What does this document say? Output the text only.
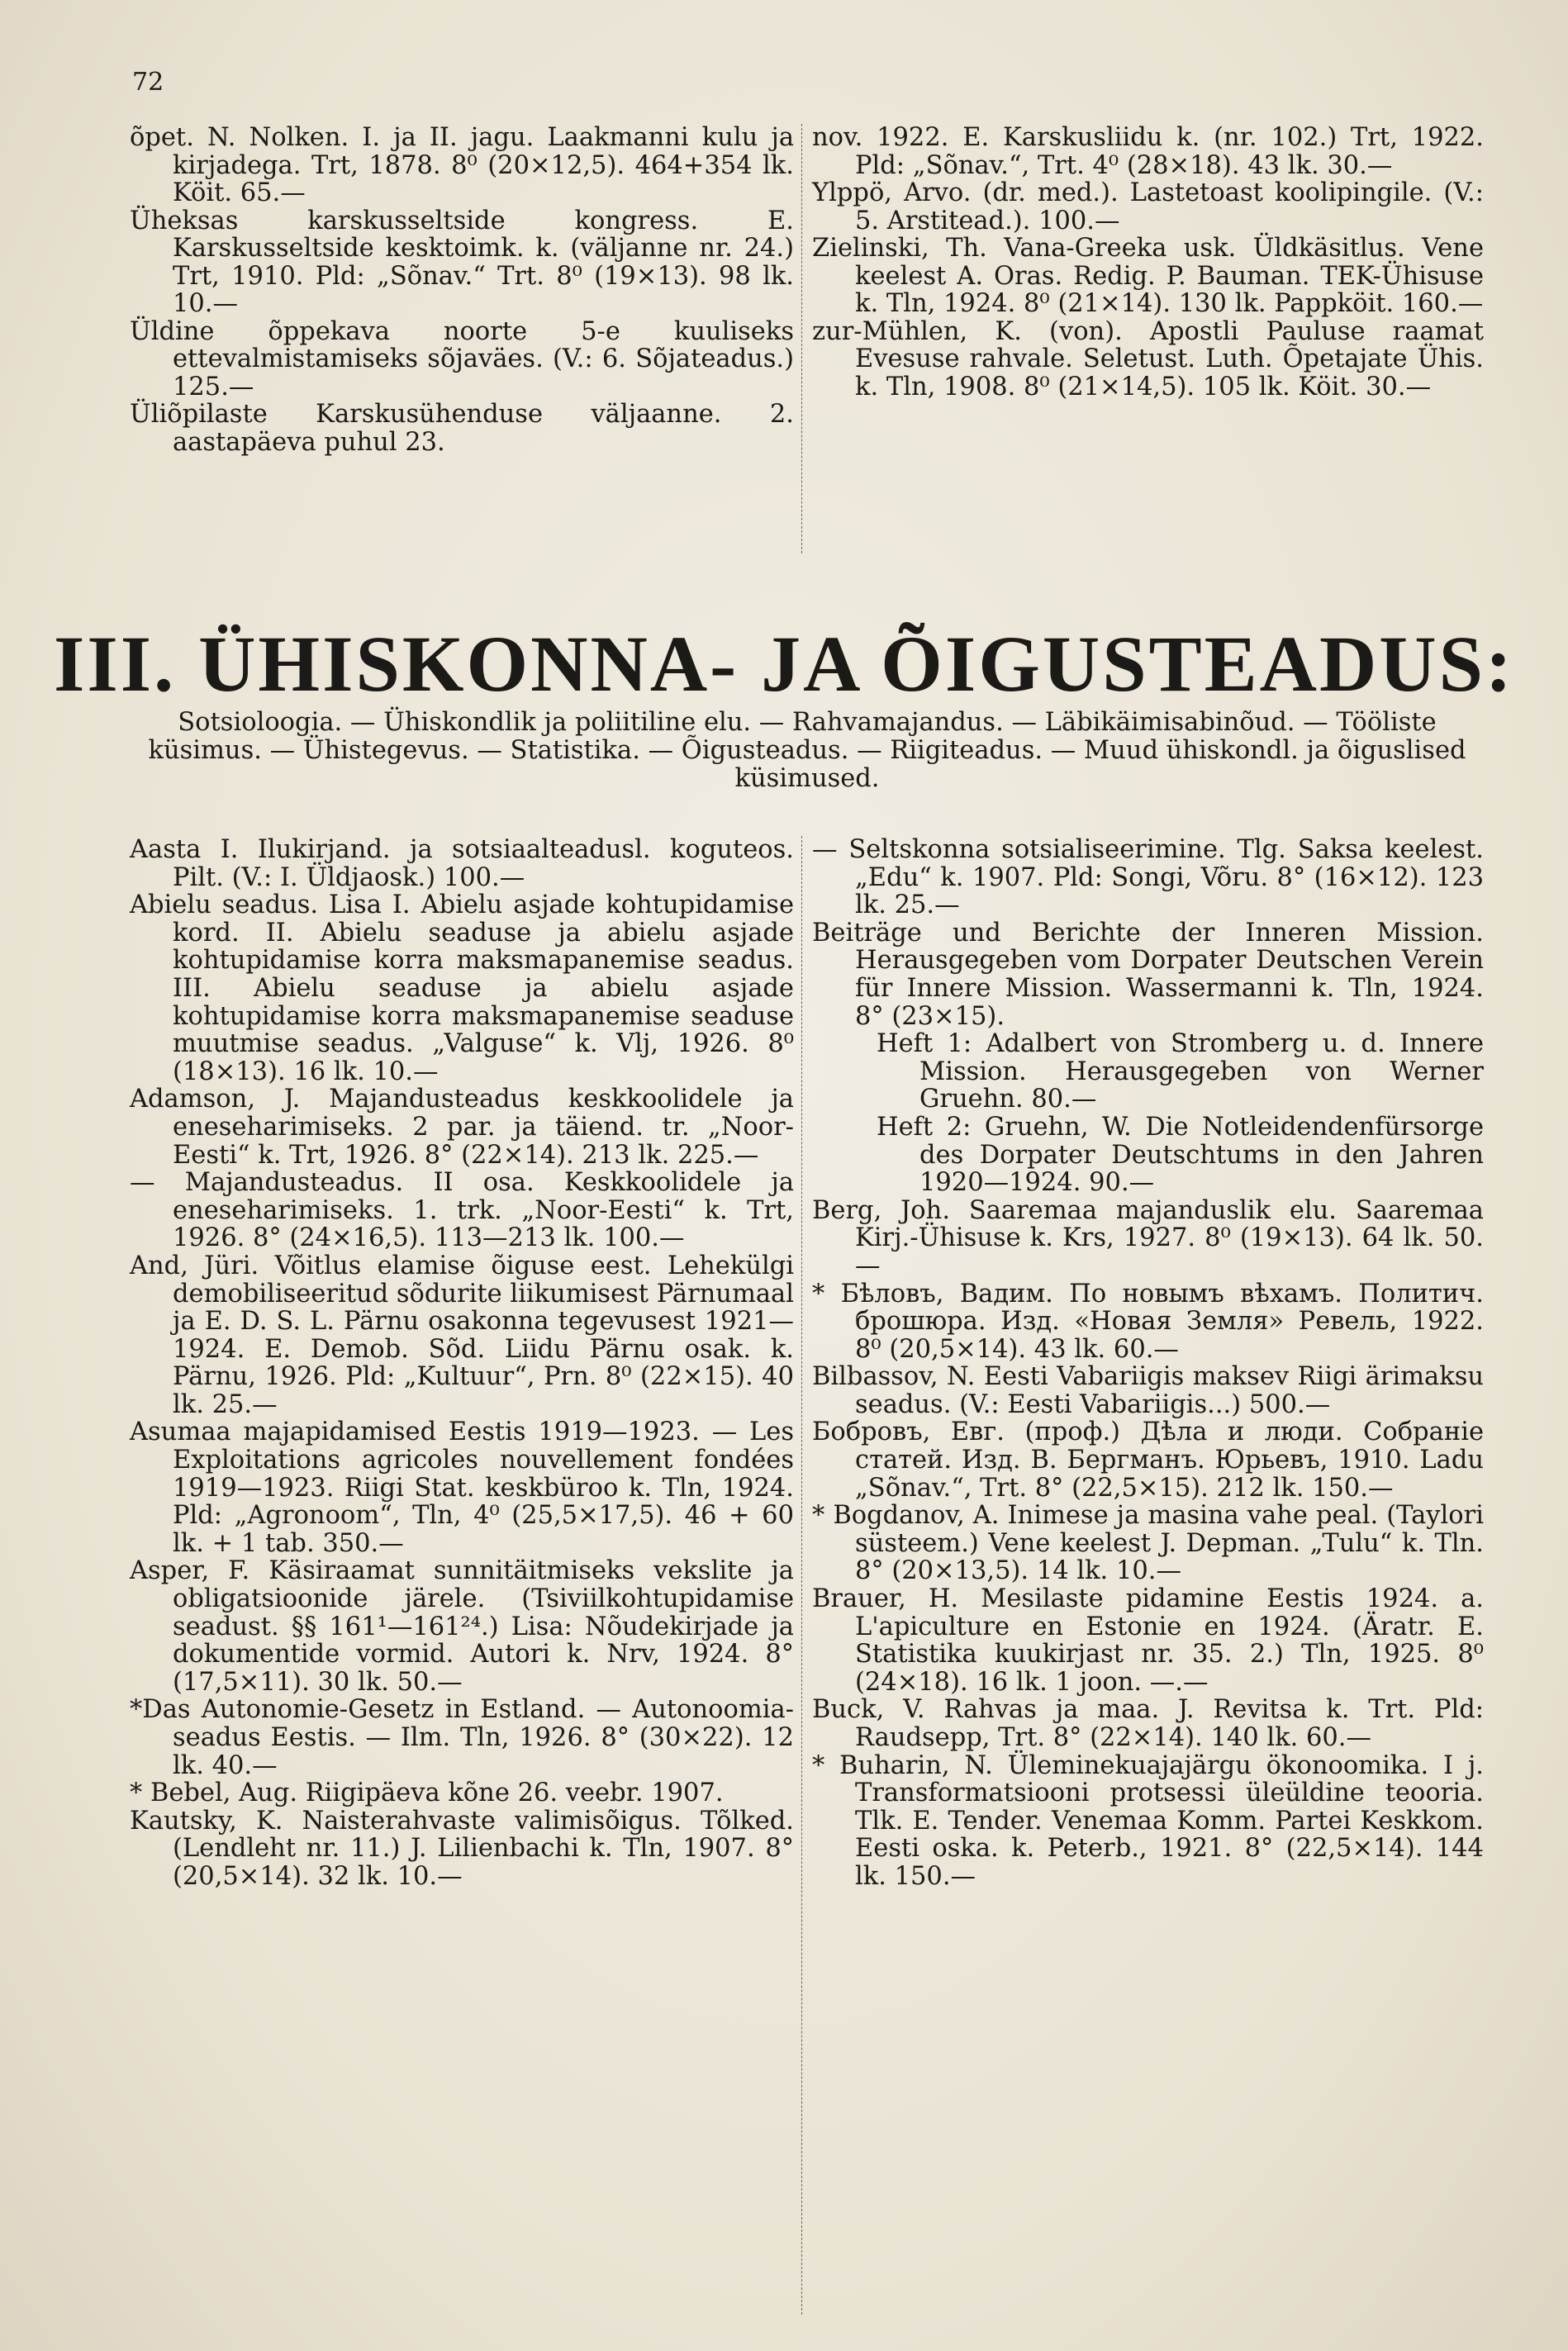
72

õpet. N. Nolken. I. ja II. jagu. Laakmanni kulu ja kirjadega. Trt, 1878. 8⁰ (20×12,5). 464+354 lk. Köit. 65.—

Üheksas karskusseltside kongress. E. Karskusseltside kesktoimk. k. (väljanne nr. 24.) Trt, 1910. Pld: „Sõnav.“ Trt. 8⁰ (19×13). 98 lk. 10.—

Üldine õppekava noorte 5-e kuuliseks ettevalmistamiseks sõjaväes. (V.: 6. Sõjateadus.) 125.—

Üliõpilaste Karskusühenduse väljaanne. 2. aastapäeva puhul 23.

nov. 1922. E. Karskusliidu k. (nr. 102.) Trt, 1922. Pld: „Sõnav.“, Trt. 4⁰ (28×18). 43 lk. 30.—

Ylppö, Arvo. (dr. med.). Lastetoast koolipingile. (V.: 5. Arstitead.). 100.—

Zielinski, Th. Vana-Greeka usk. Üldkäsitlus. Vene keelest A. Oras. Redig. P. Bauman. TEK-Ühisuse k. Tln, 1924. 8⁰ (21×14). 130 lk. Pappköit. 160.—

zur-Mühlen, K. (von). Apostli Pauluse raamat Evesuse rahvale. Seletust. Luth. Õpetajate Ühis. k. Tln, 1908. 8⁰ (21×14,5). 105 lk. Köit. 30.—

III. ÜHISKONNA- JA ÕIGUSTEADUS:
Sotsioloogia. — Ühiskondlik ja poliitiline elu. — Rahvamajandus. — Läbikäimisabinõud. — Tööliste küsimus. — Ühistegevus. — Statistika. — Õigusteadus. — Riigiteadus. — Muud ühiskondl. ja õiguslised küsimused.

Aasta I. Ilukirjand. ja sotsiaalteadusl. koguteos. Pilt. (V.: I. Üldjaosk.) 100.—

Abielu seadus. Lisa I. Abielu asjade kohtupidamise kord. II. Abielu seaduse ja abielu asjade kohtupidamise korra maksmapanemise seadus. III. Abielu seaduse ja abielu asjade kohtupidamise korra maksmapanemise seaduse muutmise seadus. „Valguse“ k. Vlj, 1926. 8⁰ (18×13). 16 lk. 10.—

Adamson, J. Majandusteadus keskkoolidele ja eneseharimiseks. 2 par. ja täiend. tr. „Noor-Eesti“ k. Trt, 1926. 8° (22×14). 213 lk. 225.—

— Majandusteadus. II osa. Keskkoolidele ja eneseharimiseks. 1. trk. „Noor-Eesti“ k. Trt, 1926. 8° (24×16,5). 113—213 lk. 100.—

And, Jüri. Võitlus elamise õiguse eest. Lehekülgi demobiliseeritud sõdurite liikumisest Pärnumaal ja E. D. S. L. Pärnu osakonna tegevusest 1921—1924. E. Demob. Sõd. Liidu Pärnu osak. k. Pärnu, 1926. Pld: „Kultuur“, Prn. 8⁰ (22×15). 40 lk. 25.—

Asumaa majapidamised Eestis 1919—1923. — Les Exploitations agricoles nouvellement fondées 1919—1923. Riigi Stat. keskbüroo k. Tln, 1924. Pld: „Agronoom“, Tln, 4⁰ (25,5×17,5). 46 + 60 lk. + 1 tab. 350.—

Asper, F. Käsiraamat sunnitäitmiseks vekslite ja obligatsioonide järele. (Tsiviilkohtupidamise seadust. §§ 161¹—161²⁴.) Lisa: Nõudekirjade ja dokumentide vormid. Autori k. Nrv, 1924. 8° (17,5×11). 30 lk. 50.—

*Das Autonomie-Gesetz in Estland. — Autonoomia-seadus Eestis. — Ilm. Tln, 1926. 8° (30×22). 12 lk. 40.—

* Bebel, Aug. Riigipäeva kõne 26. veebr. 1907.

Kautsky, K. Naisterahvaste valimisõigus. Tõlked. (Lendleht nr. 11.) J. Lilienbachi k. Tln, 1907. 8° (20,5×14). 32 lk. 10.—

— Seltskonna sotsialiseerimine. Tlg. Saksa keelest. „Edu“ k. 1907. Pld: Songi, Võru. 8° (16×12). 123 lk. 25.—

Beiträge und Berichte der Inneren Mission. Herausgegeben vom Dorpater Deutschen Verein für Innere Mission. Wassermanni k. Tln, 1924. 8° (23×15).

Heft 1: Adalbert von Stromberg u. d. Innere Mission. Herausgegeben von Werner Gruehn. 80.—

Heft 2: Gruehn, W. Die Notleidendenfürsorge des Dorpater Deutschtums in den Jahren 1920—1924. 90.—

Berg, Joh. Saaremaa majanduslik elu. Saaremaa Kirj.-Ühisuse k. Krs, 1927. 8⁰ (19×13). 64 lk. 50.—

* Бѣловъ, Вадим. По новымъ вѣхамъ. Политич. брошюра. Изд. «Новая Земля» Ревель, 1922. 8⁰ (20,5×14). 43 lk. 60.—

Bilbassov, N. Eesti Vabariigis maksev Riigi ärimaksu seadus. (V.: Eesti Vabariigis...) 500.—

Бобровъ, Евг. (проф.) Дѣла и люди. Собранiе статей. Изд. В. Бергманъ. Юрьевъ, 1910. Ladu „Sõnav.“, Trt. 8° (22,5×15). 212 lk. 150.—

* Bogdanov, A. Inimese ja masina vahe peal. (Taylori süsteem.) Vene keelest J. Depman. „Tulu“ k. Tln. 8° (20×13,5). 14 lk. 10.—

Brauer, H. Mesilaste pidamine Eestis 1924. a. L'apiculture en Estonie en 1924. (Äratr. E. Statistika kuukirjast nr. 35. 2.) Tln, 1925. 8⁰ (24×18). 16 lk. 1 joon. —.—

Buck, V. Rahvas ja maa. J. Revitsa k. Trt. Pld: Raudsepp, Trt. 8° (22×14). 140 lk. 60.—

* Buharin, N. Üleminekuajajärgu ökonoomika. I j. Transformatsiooni protsessi üleüldine teooria. Tlk. E. Tender. Venemaa Komm. Partei Keskkom. Eesti oska. k. Peterb., 1921. 8° (22,5×14). 144 lk. 150.—
